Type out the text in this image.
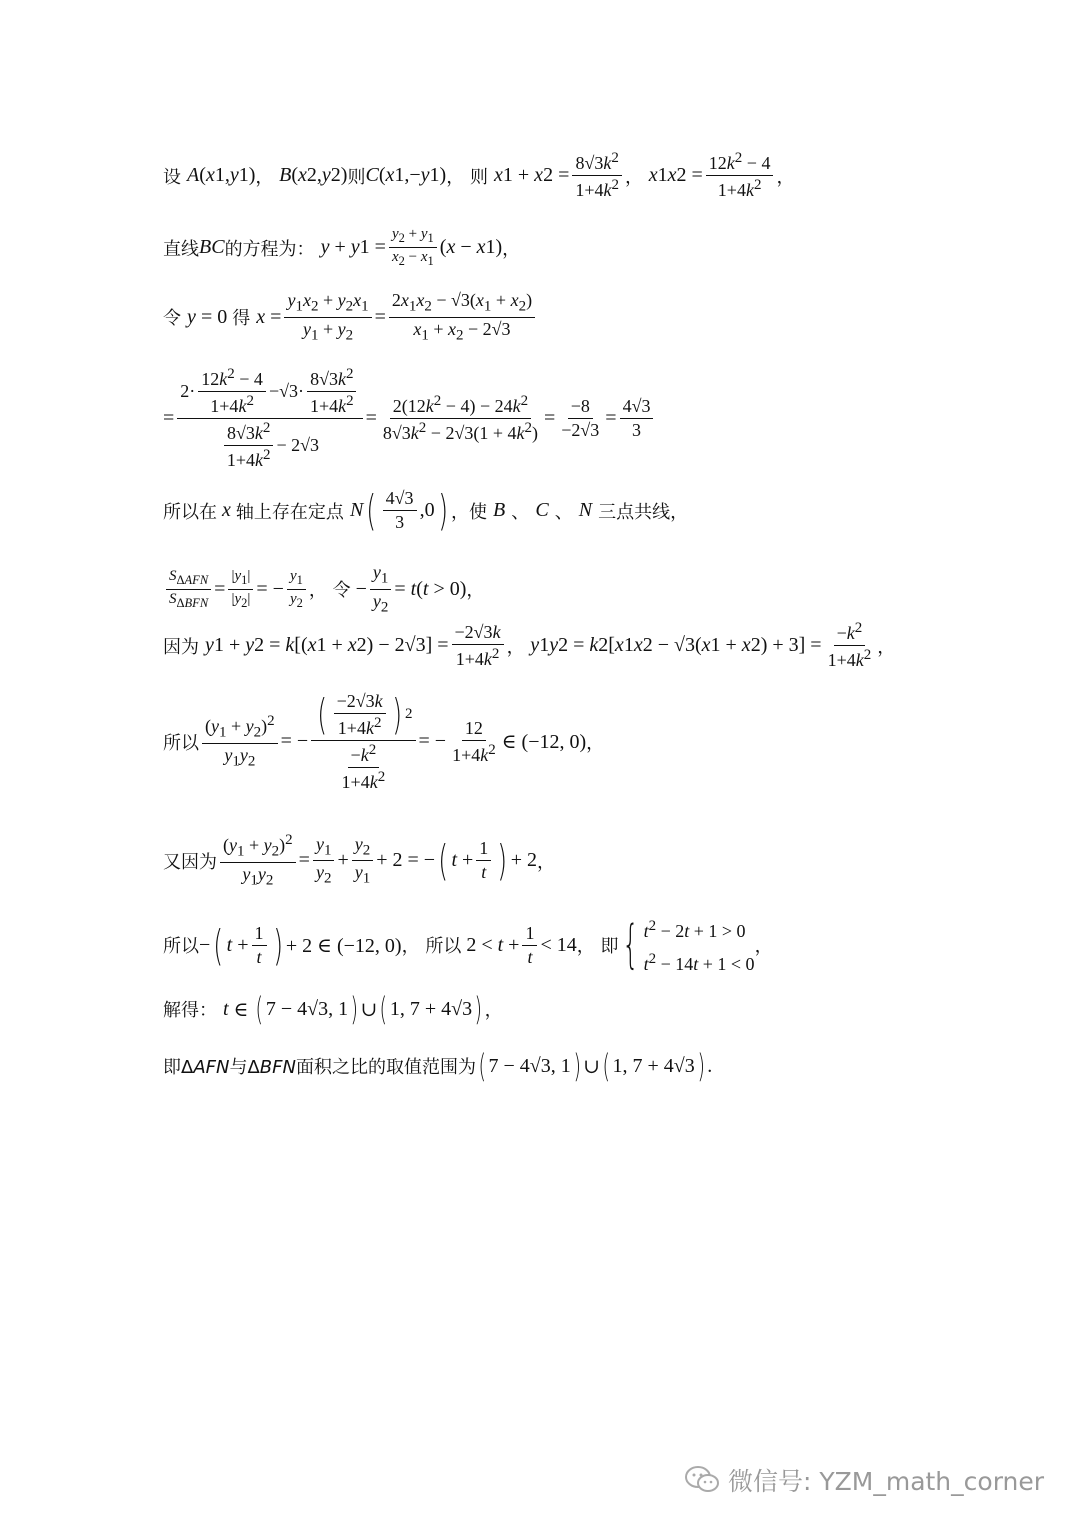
设
A ( x 1 , y 1 ) ， B ( x 2 , y 2 ) 则 C ( x 1 ,− y 1 ) ， 则
x 1 + x $2 = \frac{8√3k^2}{1+4k^2}$ ， x 1 x $2 = \frac{12k^2 - 4}{1+4k^2}$ ，
直线 BC 的方程为：
y + y $1 = \frac{y_2 + y_1}{x_2 - x_1}$ ( x − x 1 ) ，
令
y = 0 得
$x = \frac{y_1x_2 + y_2x_1}{y_1 + y_2} = \frac{2x_1x_2 - √3(x_1 + x_2)}{x_1 + x_2 - 2√3}$
= $\frac{2\cdot \frac{12k^2 - 4}{1+4k^2} -√3\cdot \frac{8√3k^2}{1+4k^2}}{\frac{8√3k^2}{1+4k^2} - 2√3} = \frac{2(12k^2 - 4) - 24k^2}{8√3k^2 - 2√3(1 + 4k^2)} = \frac{-8}{-2√3} = \frac{4√3}{3}$
所以在 x 轴上存在定点
N ( $\frac{4√3}{3} ,0$ ) ，使
B
、
C
、
N
三点共线，
$\frac{S_{\Delta AFN}}{S_{\Delta BFN}} = \frac{|y_1|}{|y_2|}$ = − $\frac{y_1}{y_2}$ ， 令 − $\frac{y_1}{y_2} = t$ ( t > 0) ，
因为
y 1 + y 2 = k [( x 1 + x 2 ) − $2√3] = \frac{-2√3k}{1+4k^2}$ ， y 1 y 2 = k 2 [ x 1 x 2 − √3( x 1 + x 2 ) + $3] = \frac{-k^2}{1+4k^2}$ ，
所以 $\frac{(y_1 + y_2)^2}{y_1y_2}$ = − $\frac{( \frac{-2√3k}{1+4k^2} ) 2}{\frac{-k^2}{1+4k^2}}$ = − $\frac{12}{1+4k^2}$ ∈ (−12, 0) ，
又因为 $\frac{(y_1 + y_2)^2}{y_1y_2} = \frac{y_1}{y_2} + \frac{y_2}{y_1} + 2$ = − ( $t + \frac{1}{t}$ ) + 2 ，
所以 − ( $t + \frac{1}{t}$ ) + 2 ∈ (−12, 0) ， 所以 $2 < t + \frac{1}{t} < 14$ ， 即 { $t^2 - 2t + 1 > 0$
$t^2 - 14t + 1 < 0$
，
解得：
t ∈ ( 7 − 4√3, 1 ) ∪ ( 1, 7 + 4√3 ) ，
即ΔAFN与ΔBFN面积之比的取值范围为 ( 7 − 4√3, 1 ) ∪ ( 1, 7 + 4√3 ) .
微信号: YZM_math_corner
